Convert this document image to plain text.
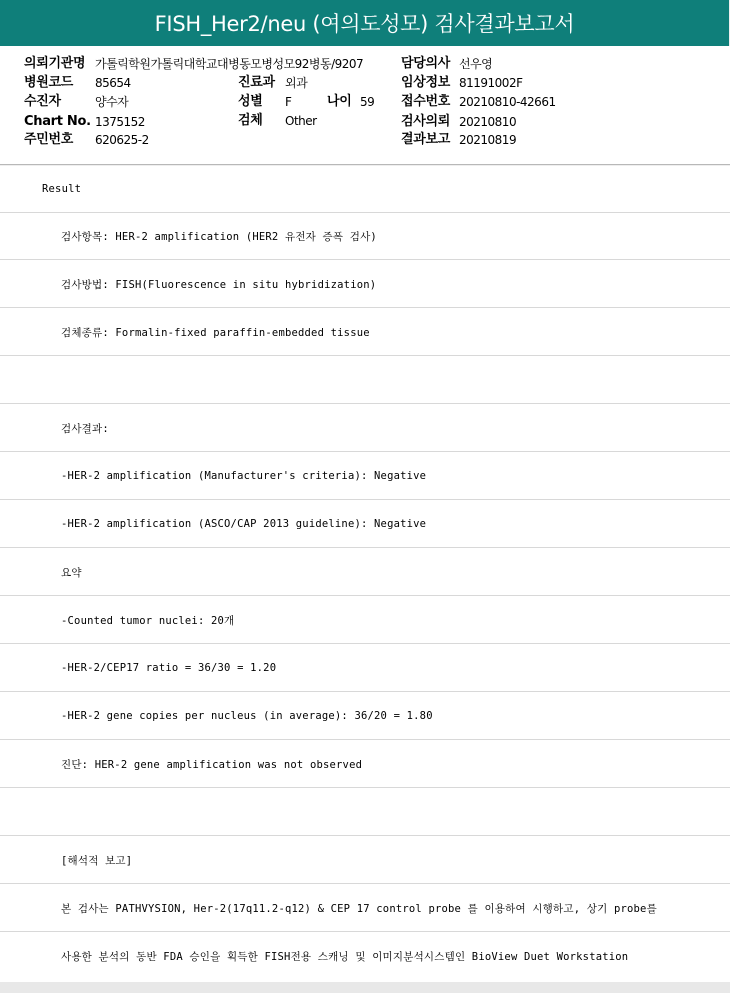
FISH_Her2/neu (여의도성모) 검사결과보고서
의뢰기관명 가톨릭학원가톨릭대학교대병동모병성모92병동/9207	담당의사 선우영
병원코드 85654	진료과 외과	임상정보 81191002F
수진자	양수자	성별 F	나이 59 접수번호 20210810-42661
Chart No. 1375152	검체 Other	검사의뢰 20210810
주민번호 620625-2	결과보고 20210819
Result
검사항목: HER-2 amplification (HER2 유전자 증폭 검사)
검사방법: FISH(Fluorescence in situ hybridization)
검체종류: Formalin-fixed paraffin-embedded tissue
검사결과:
-HER-2 amplification (Manufacturer's criteria): Negative
-HER-2 amplification (ASCO/CAP 2013 guideline): Negative
요약
-Counted tumor nuclei: 20개
-HER-2/CEP17 ratio = 36/30 = 1.20
-HER-2 gene copies per nucleus (in average): 36/20 = 1.80
진단: HER-2 gene amplification was not observed
[해석적 보고]
본 검사는 PATHVYSION, Her-2(17q11.2-q12) & CEP 17 control probe 를 이용하여 시행하고, 상기 probe를
사용한 분석의 동반 FDA 승인을 획득한 FISH전용 스캐닝 및 이미지분석시스템인 BioView Duet Workstation
